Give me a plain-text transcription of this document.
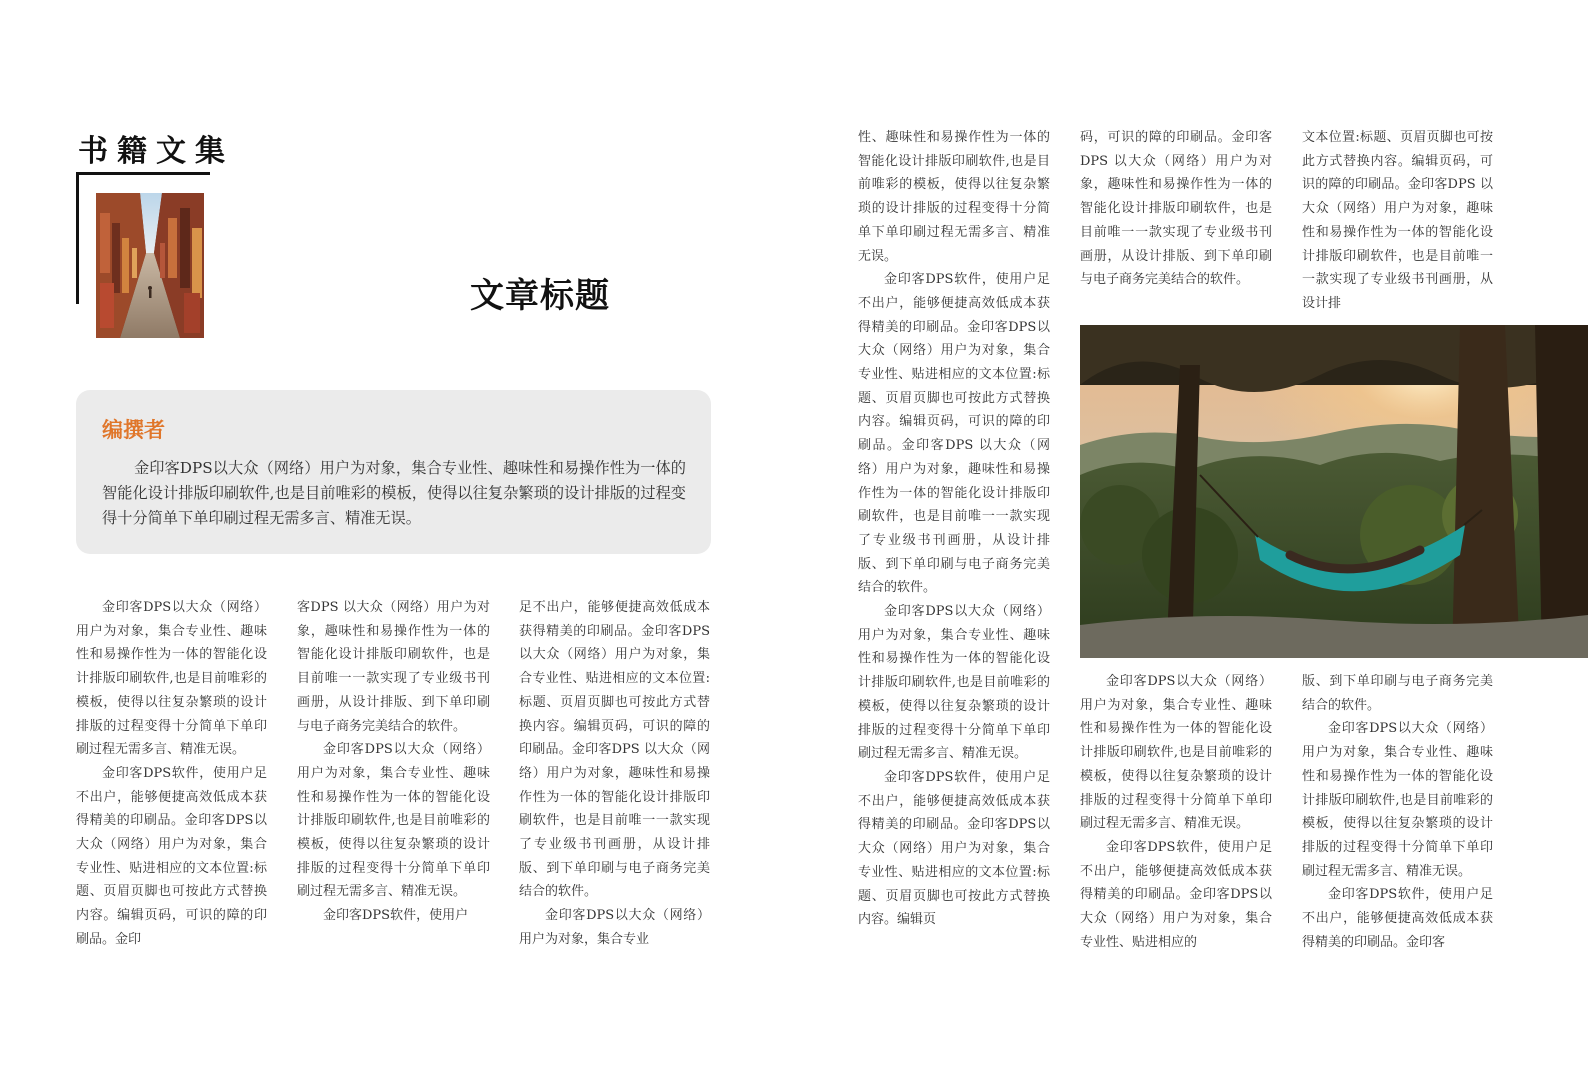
书籍文集
文章标题
编撰者
金印客DPS以大众（网络）用户为对象，集合专业性、趣味性和易操作性为一体的智能化设计排版印刷软件,也是目前唯彩的模板，使得以往复杂繁琐的设计排版的过程变得十分简单下单印刷过程无需多言、精准无误。

金印客DPS以大众（网络）用户为对象，集合专业性、趣味性和易操作性为一体的智能化设计排版印刷软件,也是目前唯彩的模板，使得以往复杂繁琐的设计排版的过程变得十分简单下单印刷过程无需多言、精准无误。

金印客DPS软件，使用户足不出户，能够便捷高效低成本获得精美的印刷品。金印客DPS以大众（网络）用户为对象，集合专业性、贴进相应的文本位置:标题、页眉页脚也可按此方式替换内容。编辑页码，可识的障的印刷品。金印

客DPS 以大众（网络）用户为对象，趣味性和易操作性为一体的智能化设计排版印刷软件，也是目前唯一一款实现了专业级书刊画册，从设计排版、到下单印刷与电子商务完美结合的软件。

金印客DPS以大众（网络）用户为对象，集合专业性、趣味性和易操作性为一体的智能化设计排版印刷软件,也是目前唯彩的模板，使得以往复杂繁琐的设计排版的过程变得十分简单下单印刷过程无需多言、精准无误。

金印客DPS软件，使用户

足不出户，能够便捷高效低成本获得精美的印刷品。金印客DPS以大众（网络）用户为对象，集合专业性、贴进相应的文本位置:标题、页眉页脚也可按此方式替换内容。编辑页码，可识的障的印刷品。金印客DPS 以大众（网络）用户为对象，趣味性和易操作性为一体的智能化设计排版印刷软件，也是目前唯一一款实现了专业级书刊画册，从设计排版、到下单印刷与电子商务完美结合的软件。

金印客DPS以大众（网络）用户为对象，集合专业

性、趣味性和易操作性为一体的智能化设计排版印刷软件,也是目前唯彩的模板，使得以往复杂繁琐的设计排版的过程变得十分简单下单印刷过程无需多言、精准无误。

金印客DPS软件，使用户足不出户，能够便捷高效低成本获得精美的印刷品。金印客DPS以大众（网络）用户为对象，集合专业性、贴进相应的文本位置:标题、页眉页脚也可按此方式替换内容。编辑页码，可识的障的印刷品。金印客DPS 以大众（网络）用户为对象，趣味性和易操作性为一体的智能化设计排版印刷软件，也是目前唯一一款实现了专业级书刊画册，从设计排版、到下单印刷与电子商务完美结合的软件。

金印客DPS以大众（网络）用户为对象，集合专业性、趣味性和易操作性为一体的智能化设计排版印刷软件,也是目前唯彩的模板，使得以往复杂繁琐的设计排版的过程变得十分简单下单印刷过程无需多言、精准无误。

金印客DPS软件，使用户足不出户，能够便捷高效低成本获得精美的印刷品。金印客DPS以大众（网络）用户为对象，集合专业性、贴进相应的文本位置:标题、页眉页脚也可按此方式替换内容。编辑页

码，可识的障的印刷品。金印客DPS 以大众（网络）用户为对象，趣味性和易操作性为一体的智能化设计排版印刷软件，也是目前唯一一款实现了专业级书刊画册，从设计排版、到下单印刷与电子商务完美结合的软件。

文本位置:标题、页眉页脚也可按此方式替换内容。编辑页码，可识的障的印刷品。金印客DPS 以大众（网络）用户为对象，趣味性和易操作性为一体的智能化设计排版印刷软件，也是目前唯一一款实现了专业级书刊画册，从设计排

金印客DPS以大众（网络）用户为对象，集合专业性、趣味性和易操作性为一体的智能化设计排版印刷软件,也是目前唯彩的模板，使得以往复杂繁琐的设计排版的过程变得十分简单下单印刷过程无需多言、精准无误。

金印客DPS软件，使用户足不出户，能够便捷高效低成本获得精美的印刷品。金印客DPS以大众（网络）用户为对象，集合专业性、贴进相应的

版、到下单印刷与电子商务完美结合的软件。

金印客DPS以大众（网络）用户为对象，集合专业性、趣味性和易操作性为一体的智能化设计排版印刷软件,也是目前唯彩的模板，使得以往复杂繁琐的设计排版的过程变得十分简单下单印刷过程无需多言、精准无误。

金印客DPS软件，使用户足不出户，能够便捷高效低成本获得精美的印刷品。金印客
